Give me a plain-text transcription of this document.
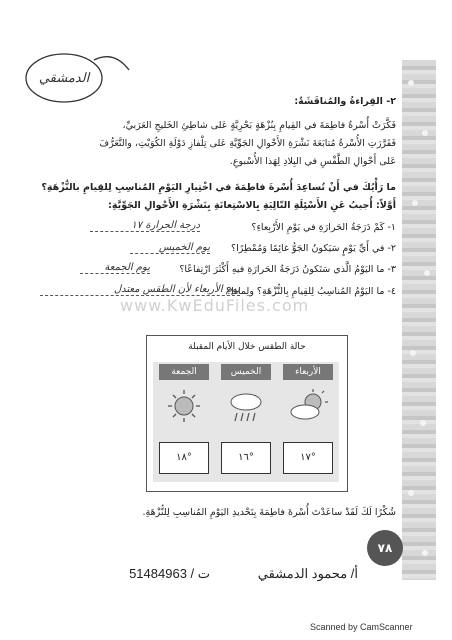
الدمشقي
٢- القِراءةُ والمُناقَشَةُ:
فَكَّرَتْ أُسْرةُ فاطِمَةَ في القِيامِ بِنُزْهَةٍ بَحْرِيَّةٍ عَلى شاطِئِ الخَليجِ العَرَبيِّ،
فَقَرَّرَتِ الأُسْرةُ مُتابَعَةَ نَشْرَةِ الأَحْوالِ الجَوِّيَّةِ عَلى تِلْفازِ دَوْلَةِ الكُوَيْتِ، والتَّعَرُّفَ
عَلى أَحْوالِ الطَّقْسِ في البِلادِ لِهَذا الأُسْبوعِ.
ما رَأْيُكَ في أَنْ تُساعِدَ أُسْرةَ فاطِمَةَ في اخْتِيارِ اليَوْمِ المُناسِبِ لِلقِيامِ بالنُّزْهَةِ؟
أَوَّلاً: أُجيبُ عَنِ الأَسْئِلَةِ التّالِيَةِ بِالاسْتِعانَةِ بِنَشْرَةِ الأَحْوالِ الجَوِّيَّةِ:
١- كَمْ دَرَجَةُ الحَرارَةِ في يَوْمِ الأَرْبِعاءِ؟
درجة الحرارة ١٧
٢- في أَيِّ يَوْمٍ سَيَكونُ الجَوُّ غائِمًا وَمُمْطِرًا؟
يوم الخميس
٣- ما اليَوْمُ الَّذي سَتَكونُ دَرَجَةُ الحَرارَةِ فيهِ أَكْثَرَ ارْتِفاعًا؟
يوم الجمعة
٤- ما اليَوْمُ المُناسِبُ لِلقِيامِ بِالنُّزْهَةِ؟ ولِماذا؟
يوم الأربعاء لأن الطقس معتدل
www.KwEduFiles.com
حالة الطقس خلال الأيام المقبلة
الأربعاء
١٧°
الخميس
١٦°
الجمعة
١٨°
شُكْرًا لَكَ لَقَدْ ساعَدْتَ أُسْرةَ فاطِمَةَ بِتَحْديدِ اليَوْمِ المُناسِبِ لِلنُّزْهَةِ.
٧٨
أ/ محمود الدمشقي
ت / 51484963
Scanned by CamScanner
